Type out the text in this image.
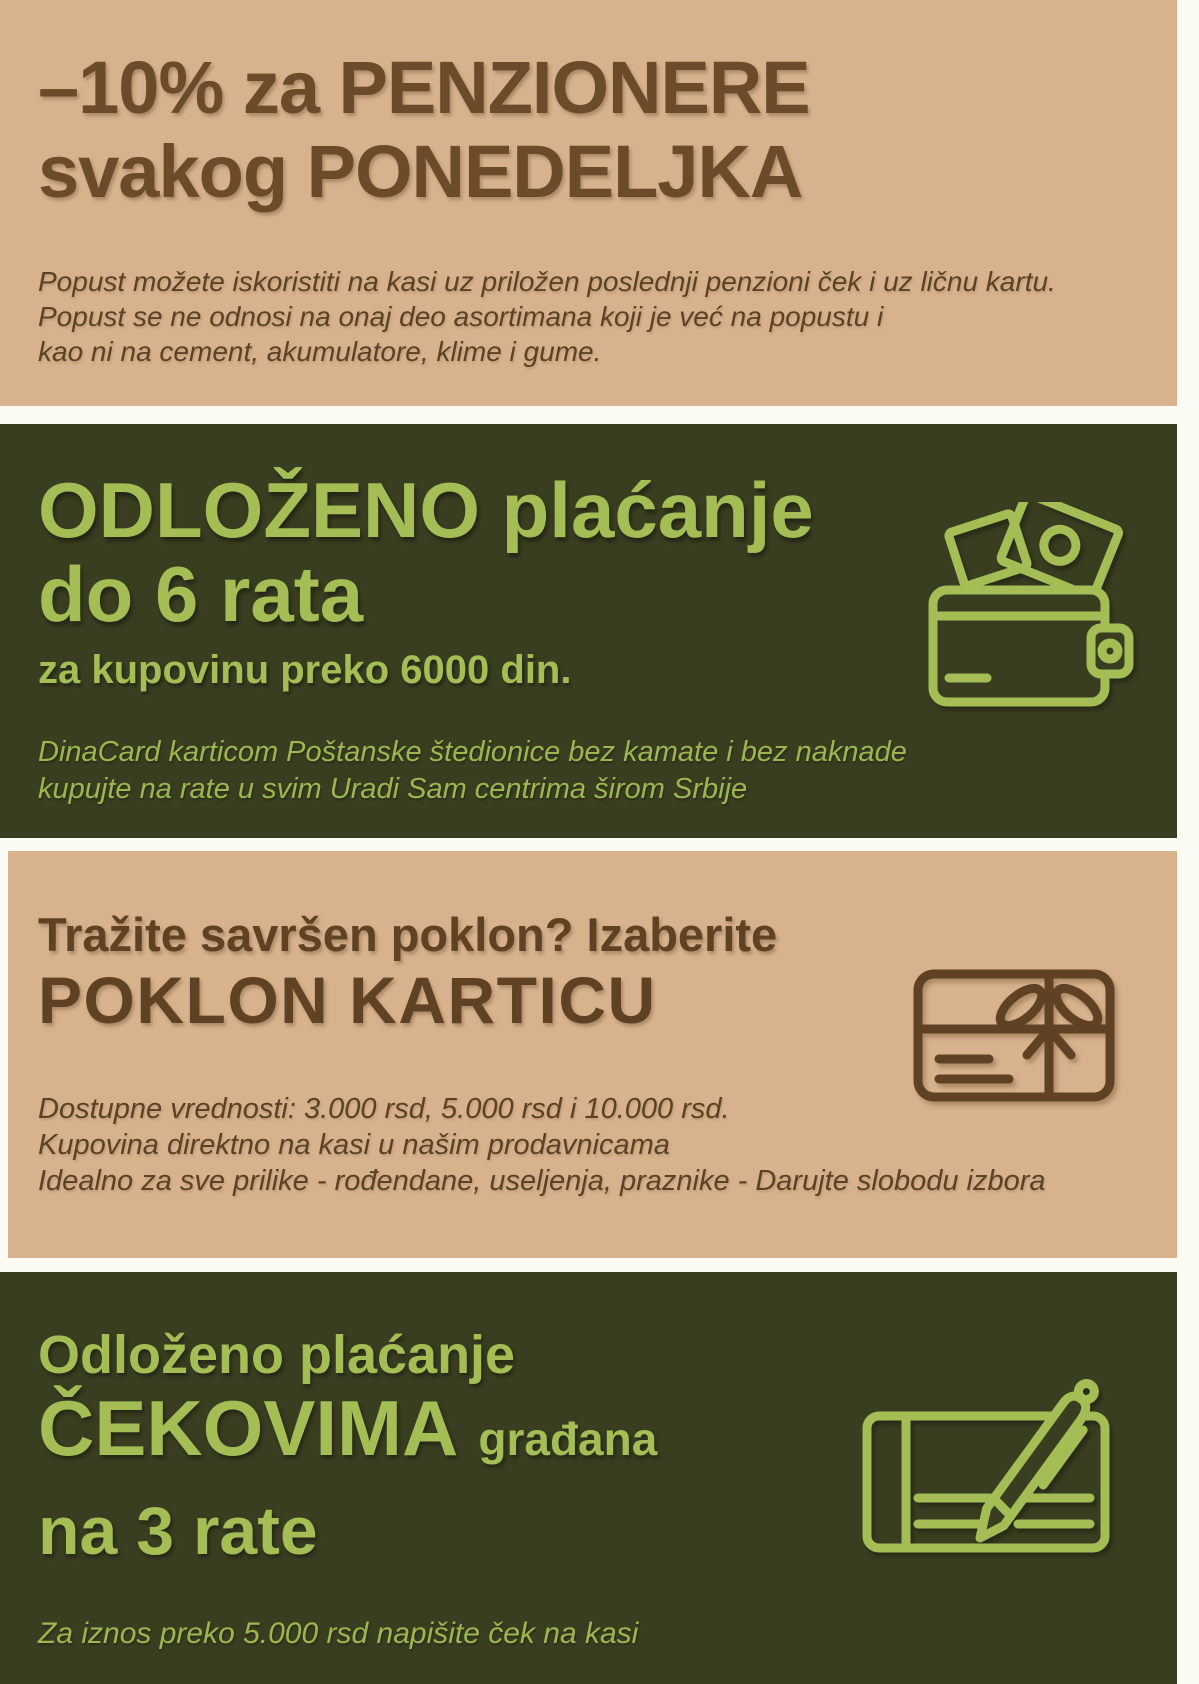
–10% za PENZIONERE
svakog PONEDELJKA
Popust možete iskoristiti na kasi uz priložen poslednji penzioni ček i uz ličnu kartu.
Popust se ne odnosi na onaj deo asortimana koji je već na popustu i
kao ni na cement, akumulatore, klime i gume.
ODLOŽENO plaćanje
do 6 rata
za kupovinu preko 6000 din.
DinaCard karticom Poštanske štedionice bez kamate i bez naknade
kupujte na rate u svim Uradi Sam centrima širom Srbije
Tražite savršen poklon? Izaberite
POKLON KARTICU
Dostupne vrednosti: 3.000 rsd, 5.000 rsd i 10.000 rsd.
Kupovina direktno na kasi u našim prodavnicama
Idealno za sve prilike - rođendane, useljenja, praznike - Darujte slobodu izbora
Odloženo plaćanje
ČEKOVIMA građana
na 3 rate
Za iznos preko 5.000 rsd napišite ček na kasi
